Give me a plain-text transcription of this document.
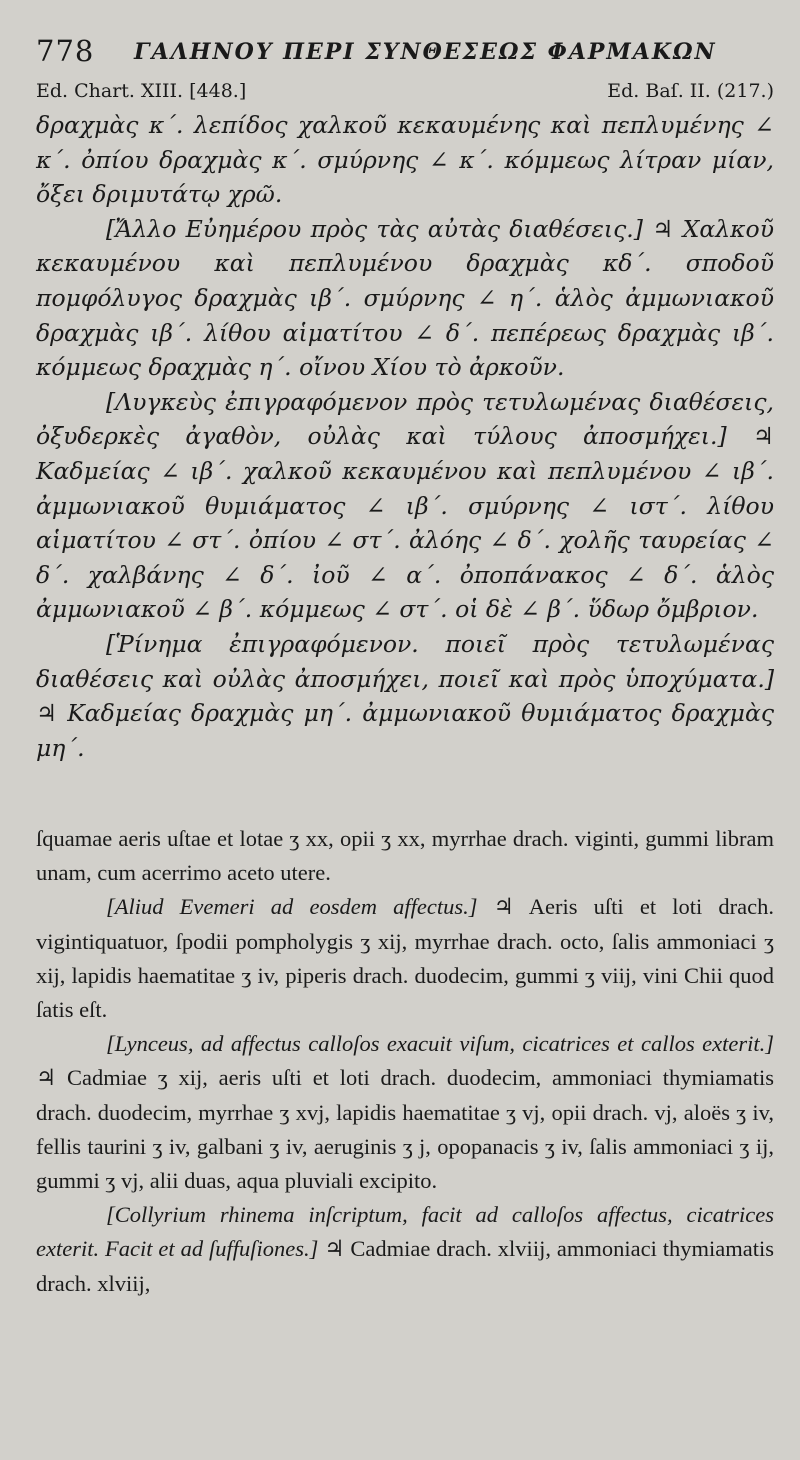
778 ΓΑΛΗΝΟΥ ΠΕΡΙ ΣΥΝΘΕΣΕΩΣ ΦΑΡΜΑΚΩΝ
Ed. Chart. XIII. [448.]	Ed. Baſ. II. (217.)

δραχμὰς κ΄. λεπίδος χαλκοῦ κεκαυμένης καὶ πεπλυμένης ∠ κ΄. ὀπίου δραχμὰς κ΄. σμύρνης ∠ κ΄. κόμμεως λίτραν μίαν, ὄξει δριμυτάτῳ χρῶ.

[Ἄλλο Εὐημέρου πρὸς τὰς αὐτὰς διαθέσεις.] ♃ Χαλκοῦ κεκαυμένου καὶ πεπλυμένου δραχμὰς κδ΄. σποδοῦ πομφόλυγος δραχμὰς ιβ΄. σμύρνης ∠ η΄. ἁλὸς ἀμμωνιακοῦ δραχμὰς ιβ΄. λίθου αἱματίτου ∠ δ΄. πεπέρεως δραχμὰς ιβ΄. κόμμεως δραχμὰς η΄. οἴνου Χίου τὸ ἀρκοῦν.

[Λυγκεὺς ἐπιγραφόμενον πρὸς τετυλωμένας διαθέσεις, ὀξυδερκὲς ἀγαθὸν, οὐλὰς καὶ τύλους ἀποσμήχει.] ♃ Καδμείας ∠ ιβ΄. χαλκοῦ κεκαυμένου καὶ πεπλυμένου ∠ ιβ΄. ἀμμωνιακοῦ θυμιάματος ∠ ιβ΄. σμύρνης ∠ ιστ΄. λίθου αἱματίτου ∠ στ΄. ὀπίου ∠ στ΄. ἀλόης ∠ δ΄. χολῆς ταυρείας ∠ δ΄. χαλβάνης ∠ δ΄. ἰοῦ ∠ α΄. ὀποπάνακος ∠ δ΄. ἁλὸς ἀμμωνιακοῦ ∠ β΄. κόμμεως ∠ στ΄. οἱ δὲ ∠ β΄. ὕδωρ ὄμβριον.

[Ῥίνημα ἐπιγραφόμενον. ποιεῖ πρὸς τετυλωμένας διαθέσεις καὶ οὐλὰς ἀποσμήχει, ποιεῖ καὶ πρὸς ὑποχύματα.] ♃ Καδμείας δραχμὰς μη΄. ἀμμωνιακοῦ θυμιάματος δραχμὰς μη΄.

ſquamae aeris uſtae et lotae ʒ xx, opii ʒ xx, myrrhae drach. viginti, gummi libram unam, cum acerrimo aceto utere.

[Aliud Evemeri ad eosdem affectus.] ♃ Aeris uſti et loti drach. vigintiquatuor, ſpodii pompholygis ʒ xij, myrrhae drach. octo, ſalis ammoniaci ʒ xij, lapidis haematitae ʒ iv, piperis drach. duodecim, gummi ʒ viij, vini Chii quod ſatis eſt.

[Lynceus, ad affectus calloſos exacuit viſum, cicatrices et callos exterit.] ♃ Cadmiae ʒ xij, aeris uſti et loti drach. duodecim, ammoniaci thymiamatis drach. duodecim, myrrhae ʒ xvj, lapidis haematitae ʒ vj, opii drach. vj, aloës ʒ iv, fellis taurini ʒ iv, galbani ʒ iv, aeruginis ʒ j, opopanacis ʒ iv, ſalis ammoniaci ʒ ij, gummi ʒ vj, alii duas, aqua pluviali excipito.

[Collyrium rhinema inſcriptum, facit ad calloſos affectus, cicatrices exterit. Facit et ad ſuffuſiones.] ♃ Cadmiae drach. xlviij, ammoniaci thymiamatis drach. xlviij,
